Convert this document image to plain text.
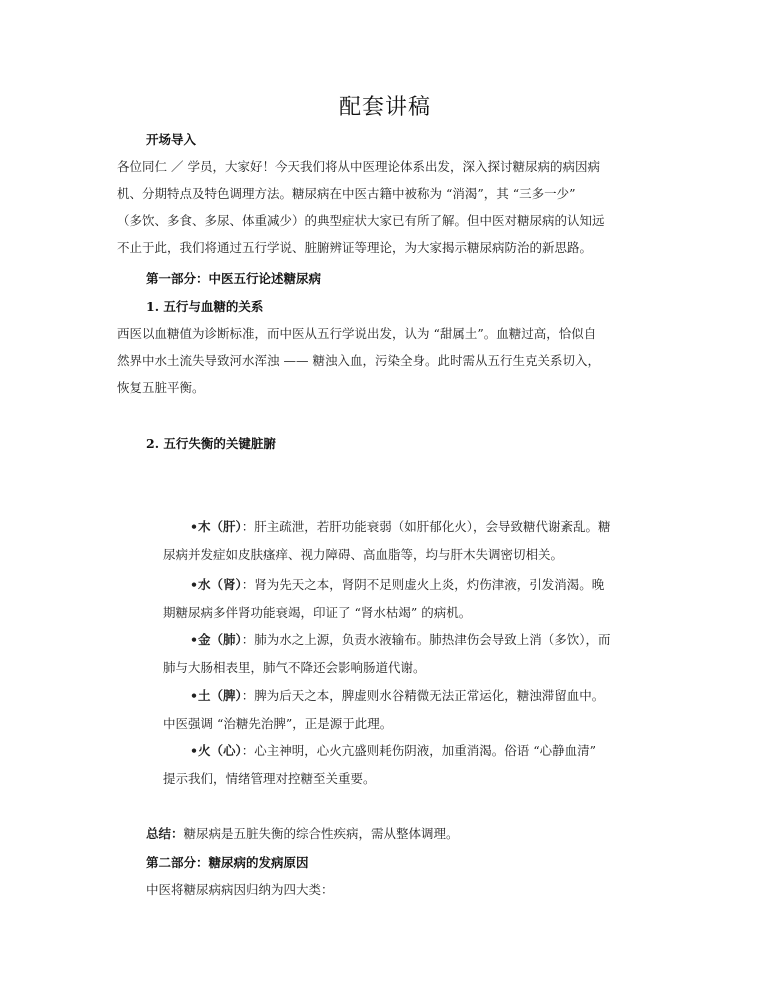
配套讲稿
开场导入
各位同仁 ／ 学员，大家好！今天我们将从中医理论体系出发，深入探讨糖尿病的病因病
机、分期特点及特色调理方法。糖尿病在中医古籍中被称为 “消渴”，其 “三多一少”
（多饮、多食、多尿、体重减少）的典型症状大家已有所了解。但中医对糖尿病的认知远
不止于此，我们将通过五行学说、脏腑辨证等理论，为大家揭示糖尿病防治的新思路。
第一部分：中医五行论述糖尿病
1. 五行与血糖的关系
西医以血糖值为诊断标准，而中医从五行学说出发，认为 “甜属土”。血糖过高，恰似自
然界中水土流失导致河水浑浊 —— 糖浊入血，污染全身。此时需从五行生克关系切入，
恢复五脏平衡。
2. 五行失衡的关键脏腑
•木（肝）：肝主疏泄，若肝功能衰弱（如肝郁化火），会导致糖代谢紊乱。糖
尿病并发症如皮肤瘙痒、视力障碍、高血脂等，均与肝木失调密切相关。
•水（肾）：肾为先天之本，肾阴不足则虚火上炎，灼伤津液，引发消渴。晚
期糖尿病多伴肾功能衰竭，印证了 “肾水枯竭” 的病机。
•金（肺）：肺为水之上源，负责水液输布。肺热津伤会导致上消（多饮），而
肺与大肠相表里，肺气不降还会影响肠道代谢。
•土（脾）：脾为后天之本，脾虚则水谷精微无法正常运化，糖浊滞留血中。
中医强调 “治糖先治脾”，正是源于此理。
•火（心）：心主神明，心火亢盛则耗伤阴液，加重消渴。俗语 “心静血清”
提示我们，情绪管理对控糖至关重要。
总结：糖尿病是五脏失衡的综合性疾病，需从整体调理。
第二部分：糖尿病的发病原因
中医将糖尿病病因归纳为四大类：
